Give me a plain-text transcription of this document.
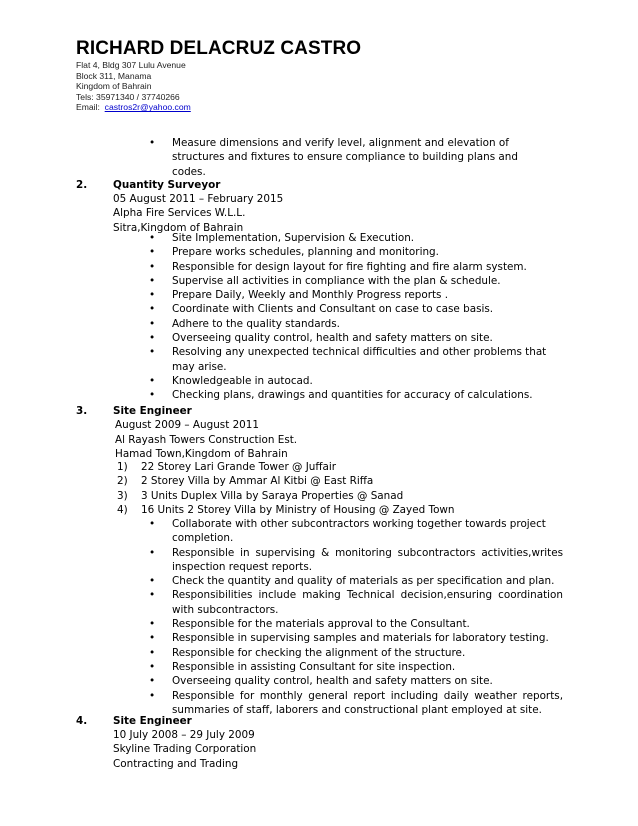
RICHARD DELACRUZ CASTRO
Flat 4, Bldg 307 Lulu Avenue
Block 311, Manama
Kingdom of Bahrain
Tels: 35971340 / 37740266
Email: castros2r@yahoo.com
• Measure dimensions and verify level, alignment and elevation of structures and fixtures to ensure compliance to building plans and codes.
2. Quantity Surveyor
05 August 2011 – February 2015
Alpha Fire Services W.L.L.
Sitra,Kingdom of Bahrain
• Site Implementation, Supervision & Execution.
• Prepare works schedules, planning and monitoring.
• Responsible for design layout for fire fighting and fire alarm system.
• Supervise all activities in compliance with the plan & schedule.
• Prepare Daily, Weekly and Monthly Progress reports .
• Coordinate with Clients and Consultant on case to case basis.
• Adhere to the quality standards.
• Overseeing quality control, health and safety matters on site.
• Resolving any unexpected technical difficulties and other problems that may arise.
• Knowledgeable in autocad.
• Checking plans, drawings and quantities for accuracy of calculations.
3. Site Engineer
August 2009 – August 2011
Al Rayash Towers Construction Est.
Hamad Town,Kingdom of Bahrain
1) 22 Storey Lari Grande Tower @ Juffair
2) 2 Storey Villa by Ammar Al Kitbi @ East Riffa
3) 3 Units Duplex Villa by Saraya Properties @ Sanad
4) 16 Units 2 Storey Villa by Ministry of Housing @ Zayed Town
• Collaborate with other subcontractors working together towards project completion.
• Responsible in supervising & monitoring subcontractors activities,writes inspection request reports.
• Check the quantity and quality of materials as per specification and plan.
• Responsibilities include making Technical decision,ensuring coordination with subcontractors.
• Responsible for the materials approval to the Consultant.
• Responsible in supervising samples and materials for laboratory testing.
• Responsible for checking the alignment of the structure.
• Responsible in assisting Consultant for site inspection.
• Overseeing quality control, health and safety matters on site.
• Responsible for monthly general report including daily weather reports, summaries of staff, laborers and constructional plant employed at site.
4. Site Engineer
10 July 2008 – 29 July 2009
Skyline Trading Corporation
Contracting and Trading
